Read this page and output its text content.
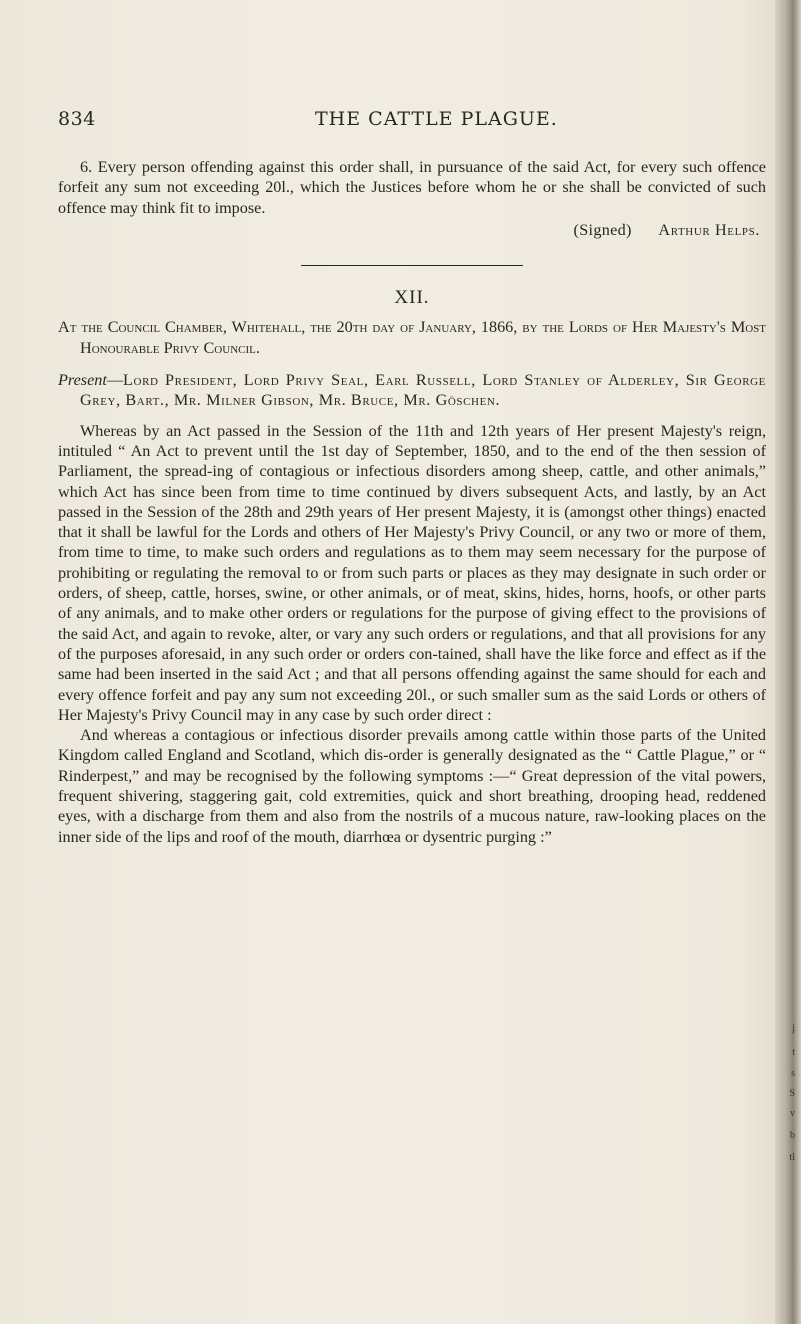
j
t
s
S
v
b
tl
834	THE CATTLE PLAGUE.

6. Every person offending against this order shall, in pursuance of the said Act, for every such offence forfeit any sum not exceeding 20l., which the Justices before whom he or she shall be convicted of such offence may think fit to impose.

(Signed) Arthur Helps.

XII.

At the Council Chamber, Whitehall, the 20th day of January, 1866, by the Lords of Her Majesty's Most Honourable Privy Council.

Present—Lord President, Lord Privy Seal, Earl Russell, Lord Stanley of Alderley, Sir George Grey, Bart., Mr. Milner Gibson, Mr. Bruce, Mr. Göschen.

Whereas by an Act passed in the Session of the 11th and 12th years of Her present Majesty's reign, intituled “ An Act to prevent until the 1st day of September, 1850, and to the end of the then session of Parliament, the spread-ing of contagious or infectious disorders among sheep, cattle, and other animals,” which Act has since been from time to time continued by divers subsequent Acts, and lastly, by an Act passed in the Session of the 28th and 29th years of Her present Majesty, it is (amongst other things) enacted that it shall be lawful for the Lords and others of Her Majesty's Privy Council, or any two or more of them, from time to time, to make such orders and regulations as to them may seem necessary for the purpose of prohibiting or regulating the removal to or from such parts or places as they may designate in such order or orders, of sheep, cattle, horses, swine, or other animals, or of meat, skins, hides, horns, hoofs, or other parts of any animals, and to make other orders or regulations for the purpose of giving effect to the provisions of the said Act, and again to revoke, alter, or vary any such orders or regulations, and that all provisions for any of the purposes aforesaid, in any such order or orders con-tained, shall have the like force and effect as if the same had been inserted in the said Act ; and that all persons offending against the same should for each and every offence forfeit and pay any sum not exceeding 20l., or such smaller sum as the said Lords or others of Her Majesty's Privy Council may in any case by such order direct :

And whereas a contagious or infectious disorder prevails among cattle within those parts of the United Kingdom called England and Scotland, which dis-order is generally designated as the “ Cattle Plague,” or “ Rinderpest,” and may be recognised by the following symptoms :—“ Great depression of the vital powers, frequent shivering, staggering gait, cold extremities, quick and short breathing, drooping head, reddened eyes, with a discharge from them and also from the nostrils of a mucous nature, raw-looking places on the inner side of the lips and roof of the mouth, diarrhœa or dysentric purging :”
